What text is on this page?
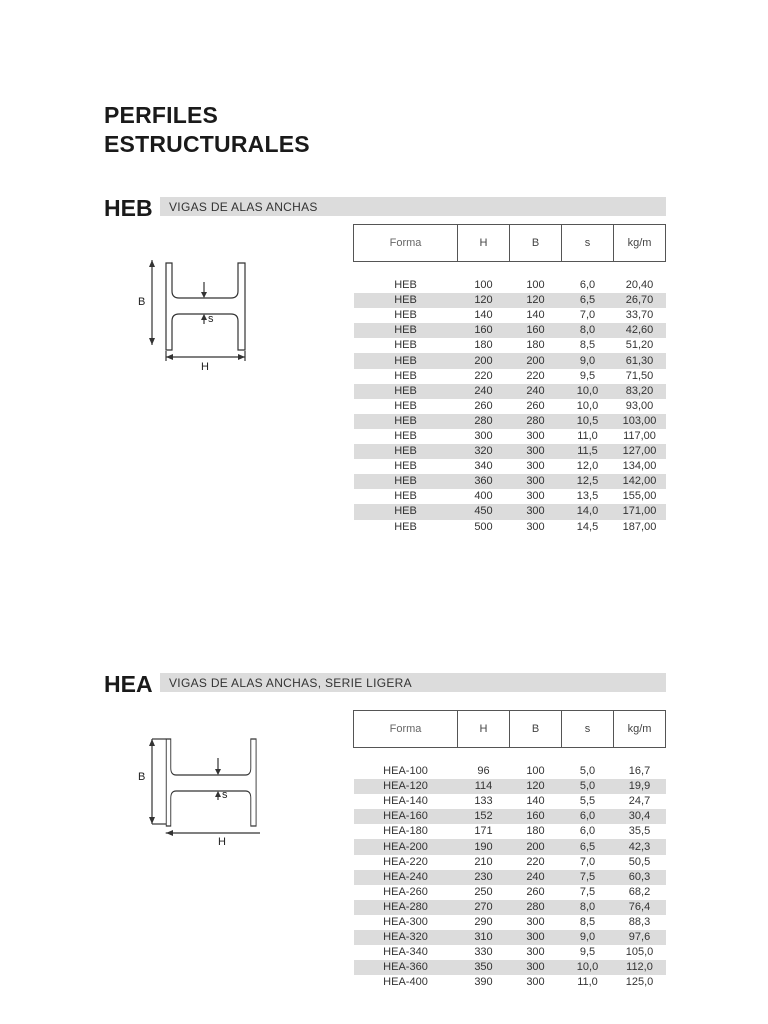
PERFILES
ESTRUCTURALES
HEB VIGAS DE ALAS ANCHAS
B
H
s
Forma	H	B	s	kg/m

HEB	100	100	6,0	20,40
HEB	120	120	6,5	26,70
HEB	140	140	7,0	33,70
HEB	160	160	8,0	42,60
HEB	180	180	8,5	51,20
HEB	200	200	9,0	61,30
HEB	220	220	9,5	71,50
HEB	240	240	10,0	83,20
HEB	260	260	10,0	93,00
HEB	280	280	10,5	103,00
HEB	300	300	11,0	117,00
HEB	320	300	11,5	127,00
HEB	340	300	12,0	134,00
HEB	360	300	12,5	142,00
HEB	400	300	13,5	155,00
HEB	450	300	14,0	171,00
HEB	500	300	14,5	187,00
HEA VIGAS DE ALAS ANCHAS, SERIE LIGERA
B
H
s
Forma	H	B	s	kg/m

HEA-100	96	100	5,0	16,7
HEA-120	114	120	5,0	19,9
HEA-140	133	140	5,5	24,7
HEA-160	152	160	6,0	30,4
HEA-180	171	180	6,0	35,5
HEA-200	190	200	6,5	42,3
HEA-220	210	220	7,0	50,5
HEA-240	230	240	7,5	60,3
HEA-260	250	260	7,5	68,2
HEA-280	270	280	8,0	76,4
HEA-300	290	300	8,5	88,3
HEA-320	310	300	9,0	97,6
HEA-340	330	300	9,5	105,0
HEA-360	350	300	10,0	112,0
HEA-400	390	300	11,0	125,0
